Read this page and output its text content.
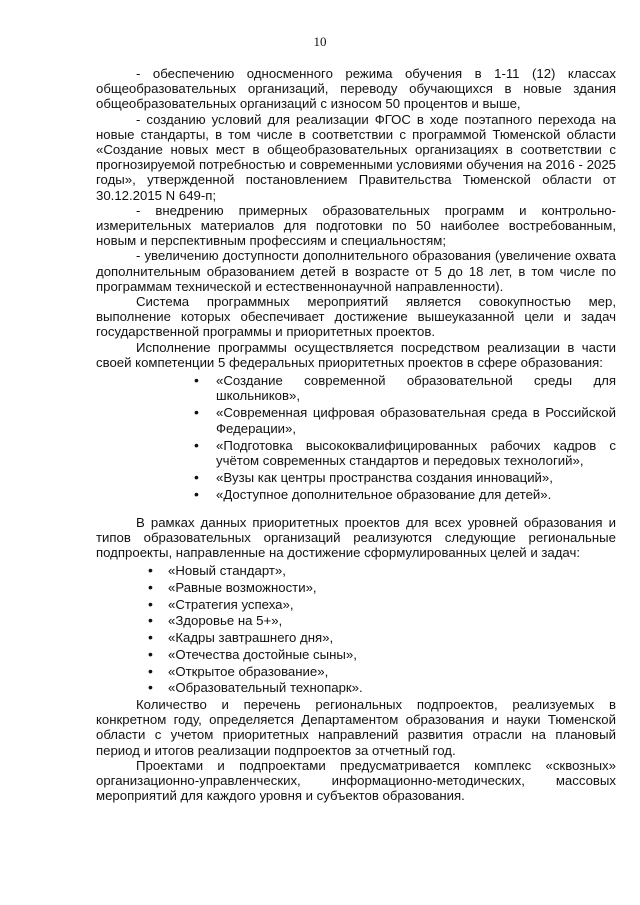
10

- обеспечению односменного режима обучения в 1-11 (12) классах общеобразовательных организаций, переводу обучающихся в новые здания общеобразовательных организаций с износом 50 процентов и выше,

- созданию условий для реализации ФГОС в ходе поэтапного перехода на новые стандарты, в том числе в соответствии с программой Тюменской области «Создание новых мест в общеобразовательных организациях в соответствии с прогнозируемой потребностью и современными условиями обучения на 2016 - 2025 годы», утвержденной постановлением Правительства Тюменской области от 30.12.2015 N 649-п;

- внедрению примерных образовательных программ и контрольно-измерительных материалов для подготовки по 50 наиболее востребованным, новым и перспективным профессиям и специальностям;

- увеличению доступности дополнительного образования (увеличение охвата дополнительным образованием детей в возрасте от 5 до 18 лет, в том числе по программам технической и естественнонаучной направленности).

Система программных мероприятий является совокупностью мер, выполнение которых обеспечивает достижение вышеуказанной цели и задач государственной программы и приоритетных проектов.

Исполнение программы осуществляется посредством реализации в части своей компетенции 5 федеральных приоритетных проектов в сфере образования:

• «Создание современной образовательной среды для школьников»,
• «Современная цифровая образовательная среда в Российской Федерации»,
• «Подготовка высококвалифицированных рабочих кадров с учётом современных стандартов и передовых технологий»,
• «Вузы как центры пространства создания инноваций»,
• «Доступное дополнительное образование для детей».

В рамках данных приоритетных проектов для всех уровней образования и типов образовательных организаций реализуются следующие региональные подпроекты, направленные на достижение сформулированных целей и задач:

• «Новый стандарт»,
• «Равные возможности»,
• «Стратегия успеха»,
• «Здоровье на 5+»,
• «Кадры завтрашнего дня»,
• «Отечества достойные сыны»,
• «Открытое образование»,
• «Образовательный технопарк».

Количество и перечень региональных подпроектов, реализуемых в конкретном году, определяется Департаментом образования и науки Тюменской области с учетом приоритетных направлений развития отрасли на плановый период и итогов реализации подпроектов за отчетный год.

Проектами и подпроектами предусматривается комплекс «сквозных» организационно-управленческих, информационно-методических, массовых мероприятий для каждого уровня и субъектов образования.
